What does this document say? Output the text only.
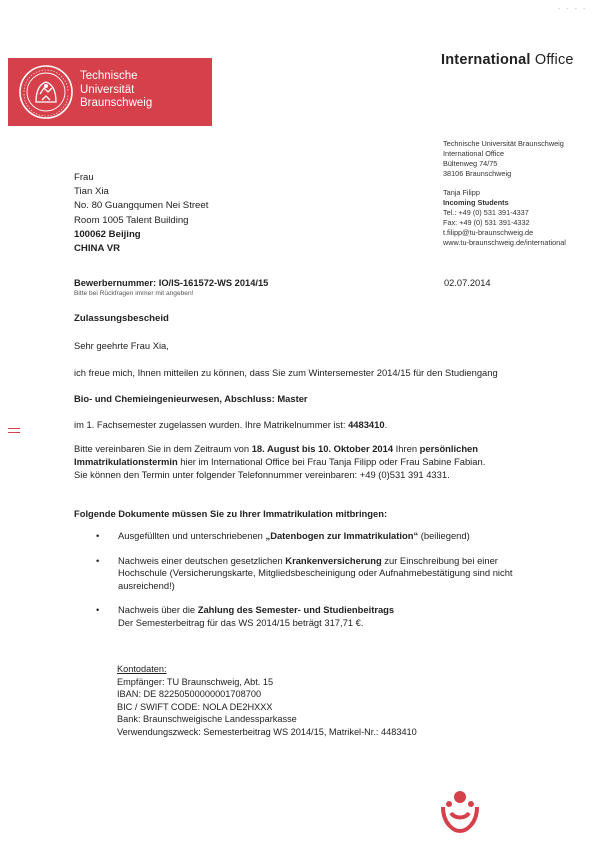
- - - -
Technische
Universität
Braunschweig
International Office
Technische Universität Braunschweig
International Office
Bültenweg 74/75
38106 Braunschweig
Tanja Filipp
Incoming Students
Tel.: +49 (0) 531 391-4337
Fax: +49 (0) 531 391-4332
t.filipp@tu-braunschweig.de
www.tu-braunschweig.de/international
Frau
Tian Xia
No. 80 Guangqumen Nei Street
Room 1005 Talent Building
100062 Beijing
CHINA VR
Bewerbernummer: IO/IS-161572-WS 2014/15
Bitte bei Rückfragen immer mit angeben!
02.07.2014
Zulassungsbescheid
Sehr geehrte Frau Xia,
ich freue mich, Ihnen mitteilen zu können, dass Sie zum Wintersemester 2014/15 für den Studiengang
Bio- und Chemieingenieurwesen, Abschluss: Master
im 1. Fachsemester zugelassen wurden. Ihre Matrikelnummer ist: 4483410.
Bitte vereinbaren Sie in dem Zeitraum von 18. August bis 10. Oktober 2014 Ihren persönlichen Immatrikulationstermin hier im International Office bei Frau Tanja Filipp oder Frau Sabine Fabian.
Sie können den Termin unter folgender Telefonnummer vereinbaren: +49 (0)531 391 4331.
Folgende Dokumente müssen Sie zu Ihrer Immatrikulation mitbringen:
• Ausgefüllten und unterschriebenen „Datenbogen zur Immatrikulation“ (beiliegend)
• Nachweis einer deutschen gesetzlichen Krankenversicherung zur Einschreibung bei einer Hochschule (Versicherungskarte, Mitgliedsbescheinigung oder Aufnahmebestätigung sind nicht ausreichend!)
• Nachweis über die Zahlung des Semester- und Studienbeitrags
Der Semesterbeitrag für das WS 2014/15 beträgt 317,71 €.
Kontodaten:
Empfänger: TU Braunschweig, Abt. 15
IBAN: DE 82250500000001708700
BIC / SWIFT CODE: NOLA DE2HXXX
Bank: Braunschweigische Landessparkasse
Verwendungszweck: Semesterbeitrag WS 2014/15, Matrikel-Nr.: 4483410
